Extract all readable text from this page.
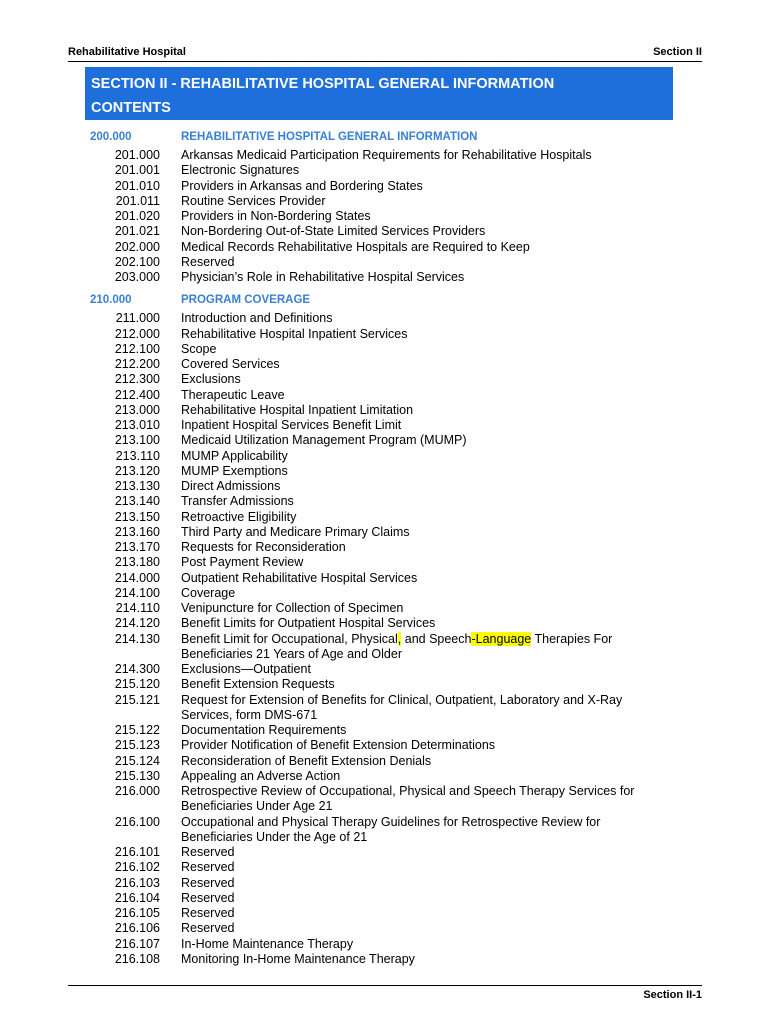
Rehabilitative Hospital	Section II
SECTION II - REHABILITATIVE HOSPITAL GENERAL INFORMATION
CONTENTS
200.000	REHABILITATIVE HOSPITAL GENERAL INFORMATION
201.000 Arkansas Medicaid Participation Requirements for Rehabilitative Hospitals
201.001 Electronic Signatures
201.010 Providers in Arkansas and Bordering States
201.011 Routine Services Provider
201.020 Providers in Non-Bordering States
201.021 Non-Bordering Out-of-State Limited Services Providers
202.000 Medical Records Rehabilitative Hospitals are Required to Keep
202.100 Reserved
203.000 Physician’s Role in Rehabilitative Hospital Services
210.000	PROGRAM COVERAGE
211.000 Introduction and Definitions
212.000 Rehabilitative Hospital Inpatient Services
212.100 Scope
212.200 Covered Services
212.300 Exclusions
212.400 Therapeutic Leave
213.000 Rehabilitative Hospital Inpatient Limitation
213.010 Inpatient Hospital Services Benefit Limit
213.100 Medicaid Utilization Management Program (MUMP)
213.110 MUMP Applicability
213.120 MUMP Exemptions
213.130 Direct Admissions
213.140 Transfer Admissions
213.150 Retroactive Eligibility
213.160 Third Party and Medicare Primary Claims
213.170 Requests for Reconsideration
213.180 Post Payment Review
214.000 Outpatient Rehabilitative Hospital Services
214.100 Coverage
214.110 Venipuncture for Collection of Specimen
214.120 Benefit Limits for Outpatient Hospital Services
214.130 Benefit Limit for Occupational, Physical, and Speech-Language Therapies For Beneficiaries 21 Years of Age and Older
214.300 Exclusions—Outpatient
215.120 Benefit Extension Requests
215.121 Request for Extension of Benefits for Clinical, Outpatient, Laboratory and X-Ray Services, form DMS-671
215.122 Documentation Requirements
215.123 Provider Notification of Benefit Extension Determinations
215.124 Reconsideration of Benefit Extension Denials
215.130 Appealing an Adverse Action
216.000 Retrospective Review of Occupational, Physical and Speech Therapy Services for Beneficiaries Under Age 21
216.100 Occupational and Physical Therapy Guidelines for Retrospective Review for Beneficiaries Under the Age of 21
216.101 Reserved
216.102 Reserved
216.103 Reserved
216.104 Reserved
216.105 Reserved
216.106 Reserved
216.107 In-Home Maintenance Therapy
216.108 Monitoring In-Home Maintenance Therapy
Section II-1
